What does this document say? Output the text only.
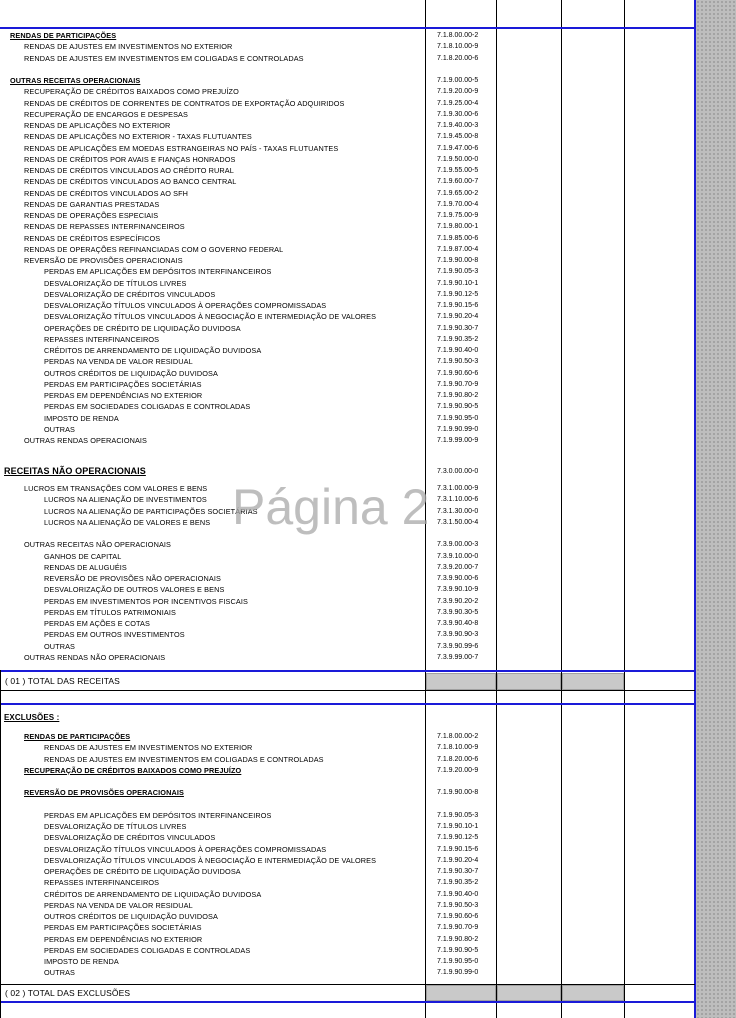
RENDAS DE PARTICIPAÇÕES	7.1.8.00.00-2
RENDAS DE AJUSTES EM INVESTIMENTOS NO EXTERIOR	7.1.8.10.00-9
RENDAS DE AJUSTES EM INVESTIMENTOS EM COLIGADAS E CONTROLADAS	7.1.8.20.00-6
OUTRAS RECEITAS OPERACIONAIS	7.1.9.00.00-5
RECUPERAÇÃO DE CRÉDITOS BAIXADOS COMO PREJUÍZO	7.1.9.20.00-9
RENDAS DE CRÉDITOS DE CORRENTES DE CONTRATOS DE EXPORTAÇÃO ADQUIRIDOS	7.1.9.25.00-4
RECUPERAÇÃO DE ENCARGOS E DESPESAS	7.1.9.30.00-6
RENDAS DE APLICAÇÕES NO EXTERIOR	7.1.9.40.00-3
RENDAS DE APLICAÇÕES NO EXTERIOR - TAXAS FLUTUANTES	7.1.9.45.00-8
RENDAS DE APLICAÇÕES EM MOEDAS ESTRANGEIRAS NO PAÍS - TAXAS FLUTUANTES	7.1.9.47.00-6
RENDAS DE CRÉDITOS POR AVAIS E FIANÇAS HONRADOS	7.1.9.50.00-0
RENDAS DE CRÉDITOS VINCULADOS AO CRÉDITO RURAL	7.1.9.55.00-5
RENDAS DE CRÉDITOS VINCULADOS AO BANCO CENTRAL	7.1.9.60.00-7
RENDAS DE CRÉDITOS VINCULADOS AO SFH	7.1.9.65.00-2
RENDAS DE GARANTIAS PRESTADAS	7.1.9.70.00-4
RENDAS DE OPERAÇÕES ESPECIAIS	7.1.9.75.00-9
RENDAS DE REPASSES INTERFINANCEIROS	7.1.9.80.00-1
RENDAS DE CRÉDITOS ESPECÍFICOS	7.1.9.85.00-6
RENDAS DE OPERAÇÕES REFINANCIADAS COM O GOVERNO FEDERAL	7.1.9.87.00-4
REVERSÃO DE PROVISÕES OPERACIONAIS	7.1.9.90.00-8
PERDAS EM APLICAÇÕES EM DEPÓSITOS INTERFINANCEIROS	7.1.9.90.05-3
DESVALORIZAÇÃO DE TÍTULOS LIVRES	7.1.9.90.10-1
DESVALORIZAÇÃO DE CRÉDITOS VINCULADOS	7.1.9.90.12-5
DESVALORIZAÇÃO TÍTULOS VINCULADOS À OPERAÇÕES COMPROMISSADAS	7.1.9.90.15-6
DESVALORIZAÇÃO TÍTULOS VINCULADOS À NEGOCIAÇÃO E INTERMEDIAÇÃO DE VALORES	7.1.9.90.20-4
OPERAÇÕES DE CRÉDITO DE LIQUIDAÇÃO DUVIDOSA	7.1.9.90.30-7
REPASSES INTERFINANCEIROS	7.1.9.90.35-2
CRÉDITOS DE ARRENDAMENTO DE LIQUIDAÇÃO DUVIDOSA	7.1.9.90.40-0
PERDAS NA VENDA DE VALOR RESIDUAL	7.1.9.90.50-3
OUTROS CRÉDITOS DE LIQUIDAÇÃO DUVIDOSA	7.1.9.90.60-6
PERDAS EM PARTICIPAÇÕES SOCIETÁRIAS	7.1.9.90.70-9
PERDAS EM DEPENDÊNCIAS NO EXTERIOR	7.1.9.90.80-2
PERDAS EM SOCIEDADES COLIGADAS E CONTROLADAS	7.1.9.90.90-5
IMPOSTO DE RENDA	7.1.9.90.95-0
OUTRAS	7.1.9.90.99-0
OUTRAS RENDAS OPERACIONAIS	7.1.9.99.00-9
RECEITAS NÃO OPERACIONAIS	7.3.0.00.00-0
LUCROS EM TRANSAÇÕES COM VALORES E BENS	7.3.1.00.00-9
LUCROS NA ALIENAÇÃO DE INVESTIMENTOS	7.3.1.10.00-6
LUCROS NA ALIENAÇÃO DE PARTICIPAÇÕES SOCIETÁRIAS	7.3.1.30.00-0
LUCROS NA ALIENAÇÃO DE VALORES E BENS	7.3.1.50.00-4
OUTRAS RECEITAS NÃO OPERACIONAIS	7.3.9.00.00-3
GANHOS DE CAPITAL	7.3.9.10.00-0
RENDAS DE ALUGUÉIS	7.3.9.20.00-7
REVERSÃO DE PROVISÕES NÃO OPERACIONAIS	7.3.9.90.00-6
DESVALORIZAÇÃO DE OUTROS VALORES E BENS	7.3.9.90.10-9
PERDAS EM INVESTIMENTOS POR INCENTIVOS FISCAIS	7.3.9.90.20-2
PERDAS EM TÍTULOS PATRIMONIAIS	7.3.9.90.30-5
PERDAS EM AÇÕES E COTAS	7.3.9.90.40-8
PERDAS EM OUTROS INVESTIMENTOS	7.3.9.90.90-3
OUTRAS	7.3.9.90.99-6
OUTRAS RENDAS NÃO OPERACIONAIS	7.3.9.99.00-7
( 01 ) TOTAL DAS RECEITAS
EXCLUSÕES :
RENDAS DE PARTICIPAÇÕES	7.1.8.00.00-2
RENDAS DE AJUSTES EM INVESTIMENTOS NO EXTERIOR	7.1.8.10.00-9
RENDAS DE AJUSTES EM INVESTIMENTOS EM COLIGADAS E CONTROLADAS	7.1.8.20.00-6
RECUPERAÇÃO DE CRÉDITOS BAIXADOS COMO PREJUÍZO	7.1.9.20.00-9
REVERSÃO DE PROVISÕES OPERACIONAIS	7.1.9.90.00-8
PERDAS EM APLICAÇÕES EM DEPÓSITOS INTERFINANCEIROS	7.1.9.90.05-3
DESVALORIZAÇÃO DE TÍTULOS LIVRES	7.1.9.90.10-1
DESVALORIZAÇÃO DE CRÉDITOS VINCULADOS	7.1.9.90.12-5
DESVALORIZAÇÃO TÍTULOS VINCULADOS À OPERAÇÕES COMPROMISSADAS	7.1.9.90.15-6
DESVALORIZAÇÃO TÍTULOS VINCULADOS À NEGOCIAÇÃO E INTERMEDIAÇÃO DE VALORES	7.1.9.90.20-4
OPERAÇÕES DE CRÉDITO DE LIQUIDAÇÃO DUVIDOSA	7.1.9.90.30-7
REPASSES INTERFINANCEIROS	7.1.9.90.35-2
CRÉDITOS DE ARRENDAMENTO DE LIQUIDAÇÃO DUVIDOSA	7.1.9.90.40-0
PERDAS NA VENDA DE VALOR RESIDUAL	7.1.9.90.50-3
OUTROS CRÉDITOS DE LIQUIDAÇÃO DUVIDOSA	7.1.9.90.60-6
PERDAS EM PARTICIPAÇÕES SOCIETÁRIAS	7.1.9.90.70-9
PERDAS EM DEPENDÊNCIAS NO EXTERIOR	7.1.9.90.80-2
PERDAS EM SOCIEDADES COLIGADAS E CONTROLADAS	7.1.9.90.90-5
IMPOSTO DE RENDA	7.1.9.90.95-0
OUTRAS	7.1.9.90.99-0
( 02 ) TOTAL DAS EXCLUSÕES
Página 2
